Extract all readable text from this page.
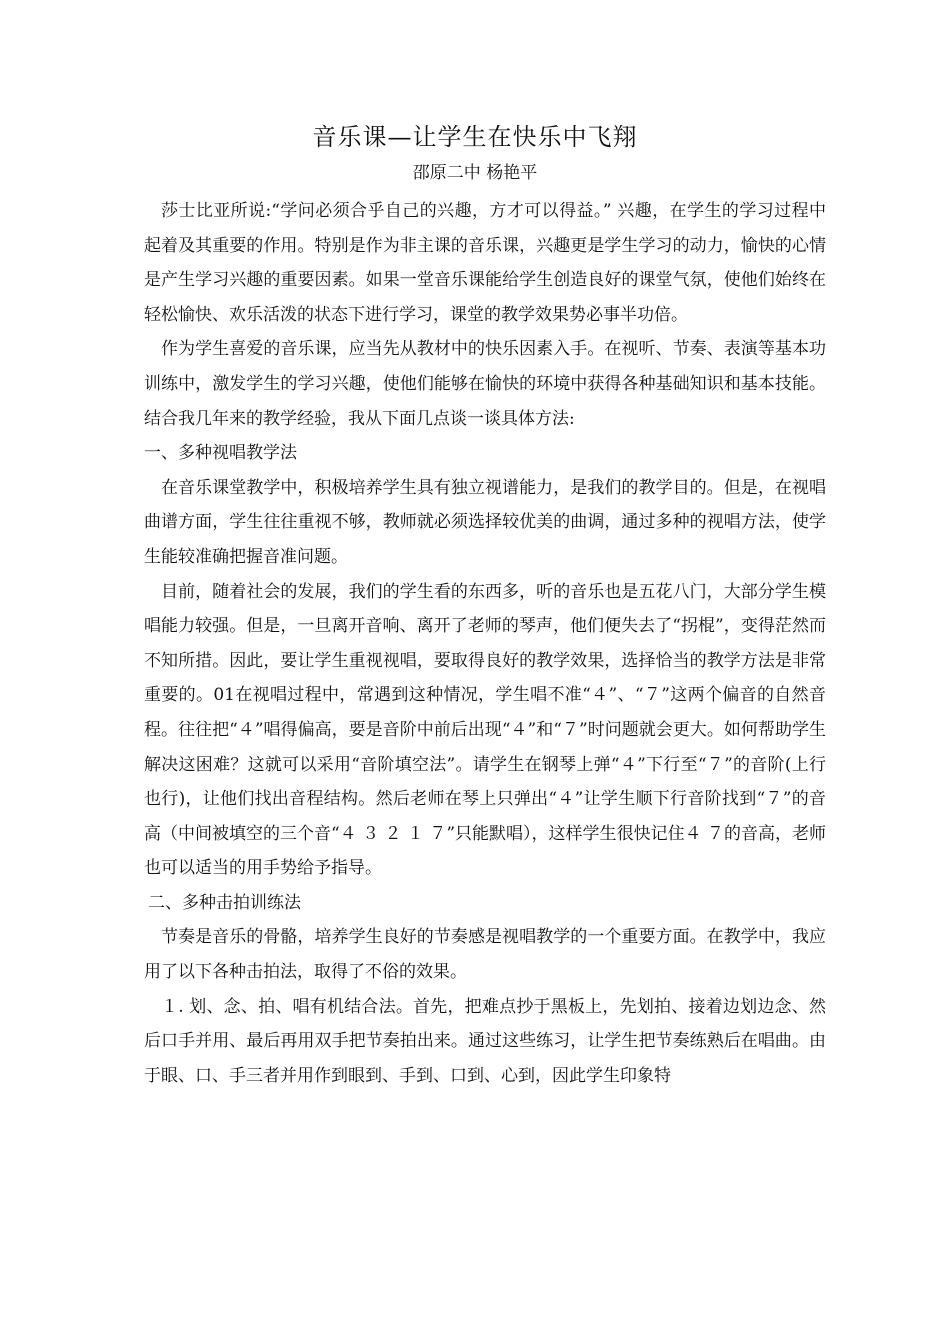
音乐课—让学生在快乐中飞翔
邵原二中 杨艳平

莎士比亚所说:“学问必须合乎自己的兴趣，方才可以得益。” 兴趣，在学生的学习过程中起着及其重要的作用。特别是作为非主课的音乐课，兴趣更是学生学习的动力，愉快的心情是产生学习兴趣的重要因素。如果一堂音乐课能给学生创造良好的课堂气氛，使他们始终在轻松愉快、欢乐活泼的状态下进行学习，课堂的教学效果势必事半功倍。

作为学生喜爱的音乐课，应当先从教材中的快乐因素入手。在视听、节奏、表演等基本功训练中，激发学生的学习兴趣，使他们能够在愉快的环境中获得各种基础知识和基本技能。结合我几年来的教学经验，我从下面几点谈一谈具体方法:

一、多种视唱教学法

在音乐课堂教学中，积极培养学生具有独立视谱能力，是我们的教学目的。但是，在视唱曲谱方面，学生往往重视不够，教师就必须选择较优美的曲调，通过多种的视唱方法，使学生能较准确把握音准问题。

目前，随着社会的发展，我们的学生看的东西多，听的音乐也是五花八门，大部分学生模唱能力较强。但是，一旦离开音响、离开了老师的琴声，他们便失去了“拐棍”，变得茫然而不知所措。因此，要让学生重视视唱，要取得良好的教学效果，选择恰当的教学方法是非常重要的。01在视唱过程中，常遇到这种情况，学生唱不准“４”、“７”这两个偏音的自然音程。往往把“４”唱得偏高，要是音阶中前后出现“４”和“７”时问题就会更大。如何帮助学生解决这困难？这就可以采用“音阶填空法”。请学生在钢琴上弹“４”下行至“７”的音阶(上行也行)，让他们找出音程结构。然后老师在琴上只弹出“４”让学生顺下行音阶找到“７”的音高（中间被填空的三个音“４ ３ ２ １ ７”只能默唱），这样学生很快记住４ ７的音高，老师也可以适当的用手势给予指导。

二、多种击拍训练法

节奏是音乐的骨骼，培养学生良好的节奏感是视唱教学的一个重要方面。在教学中，我应用了以下各种击拍法，取得了不俗的效果。

１. 划、念、拍、唱有机结合法。首先，把难点抄于黑板上，先划拍、接着边划边念、然后口手并用、最后再用双手把节奏拍出来。通过这些练习，让学生把节奏练熟后在唱曲。由于眼、口、手三者并用作到眼到、手到、口到、心到，因此学生印象特
